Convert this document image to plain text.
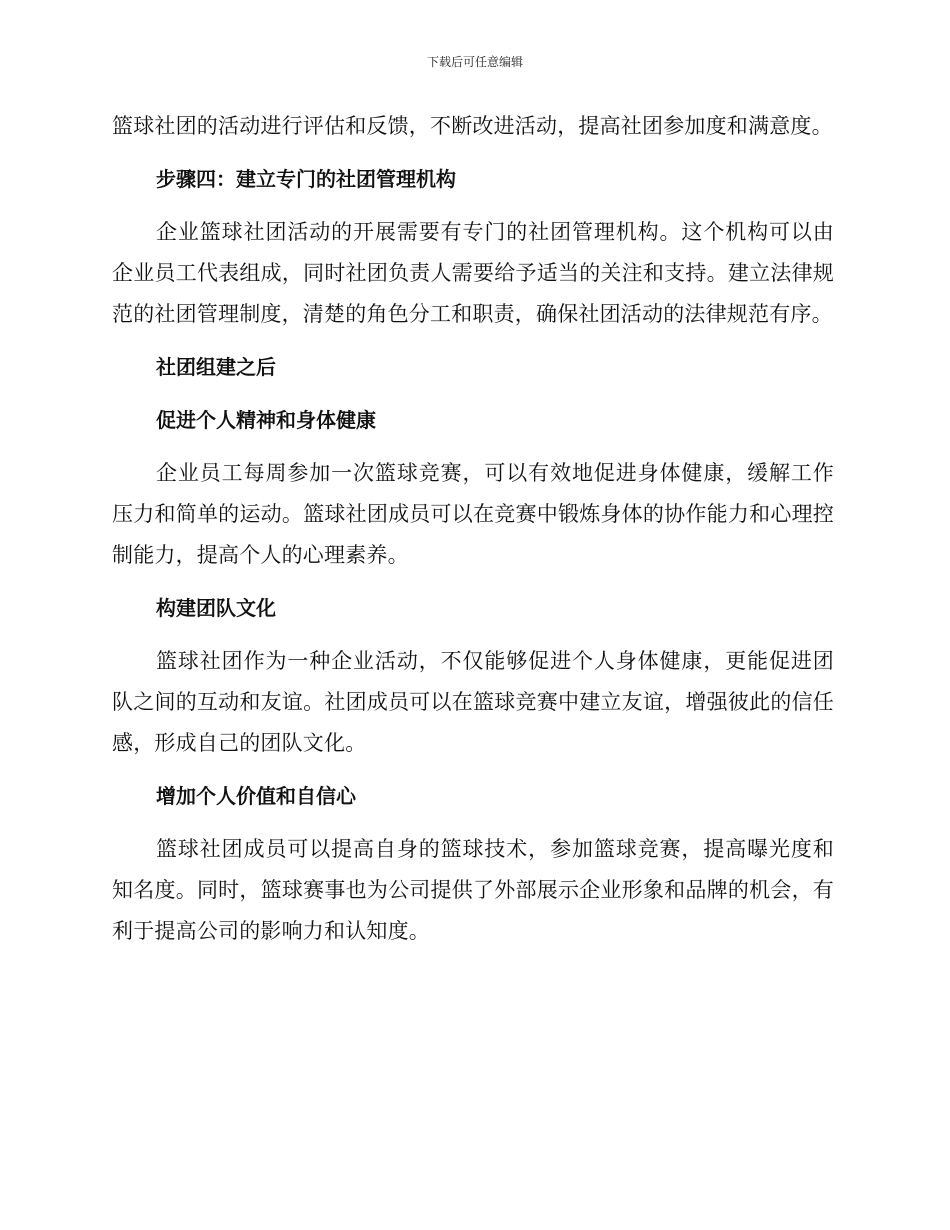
下载后可任意编辑

篮球社团的活动进行评估和反馈，不断改进活动，提高社团参加度和满意度。

步骤四：建立专门的社团管理机构

企业篮球社团活动的开展需要有专门的社团管理机构。这个机构可以由企业员工代表组成，同时社团负责人需要给予适当的关注和支持。建立法律规范的社团管理制度，清楚的角色分工和职责，确保社团活动的法律规范有序。

社团组建之后
促进个人精神和身体健康

企业员工每周参加一次篮球竞赛，可以有效地促进身体健康，缓解工作压力和简单的运动。篮球社团成员可以在竞赛中锻炼身体的协作能力和心理控制能力，提高个人的心理素养。

构建团队文化

篮球社团作为一种企业活动，不仅能够促进个人身体健康，更能促进团队之间的互动和友谊。社团成员可以在篮球竞赛中建立友谊，增强彼此的信任感，形成自己的团队文化。

增加个人价值和自信心

篮球社团成员可以提高自身的篮球技术，参加篮球竞赛，提高曝光度和知名度。同时，篮球赛事也为公司提供了外部展示企业形象和品牌的机会，有利于提高公司的影响力和认知度。
